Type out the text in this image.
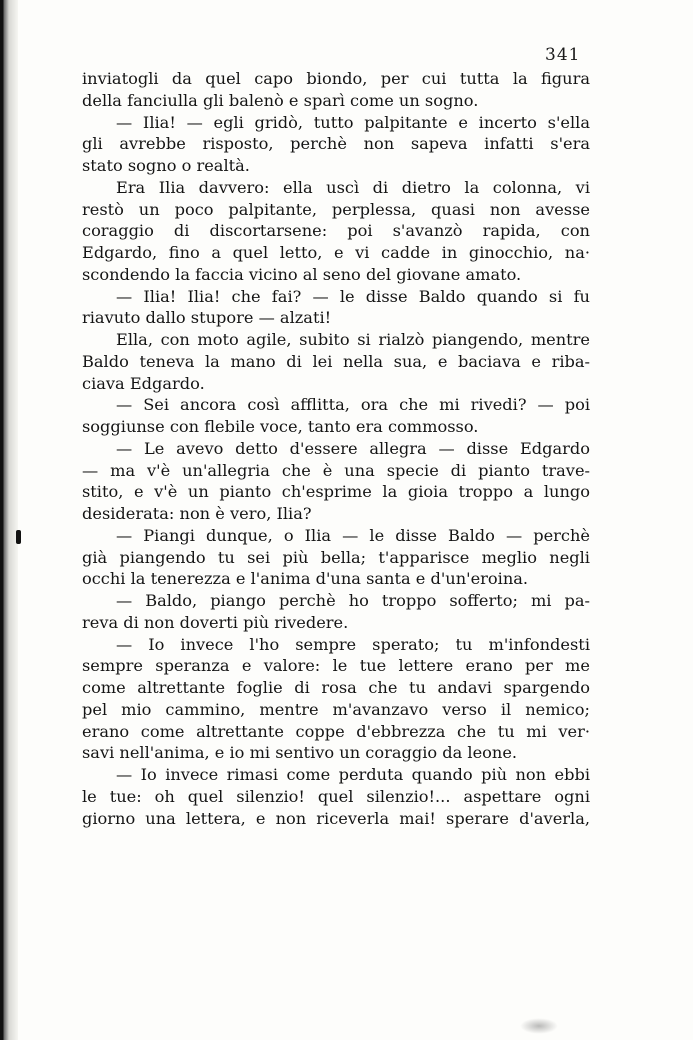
341
inviatogli da quel capo biondo, per cui tutta la figura
della fanciulla gli balenò e sparì come un sogno.
— Ilia! — egli gridò, tutto palpitante e incerto s'ella
gli avrebbe risposto, perchè non sapeva infatti s'era
stato sogno o realtà.
Era Ilia davvero: ella uscì di dietro la colonna, vi
restò un poco palpitante, perplessa, quasi non avesse
coraggio di discortarsene: poi s'avanzò rapida, con
Edgardo, fino a quel letto, e vi cadde in ginocchio, na·
scondendo la faccia vicino al seno del giovane amato.
— Ilia! Ilia! che fai? — le disse Baldo quando si fu
riavuto dallo stupore — alzati!
Ella, con moto agile, subito si rialzò piangendo, mentre
Baldo teneva la mano di lei nella sua, e baciava e riba-
ciava Edgardo.
— Sei ancora così afflitta, ora che mi rivedi? — poi
soggiunse con flebile voce, tanto era commosso.
— Le avevo detto d'essere allegra — disse Edgardo
— ma v'è un'allegria che è una specie di pianto trave-
stito, e v'è un pianto ch'esprime la gioia troppo a lungo
desiderata: non è vero, Ilia?
— Piangi dunque, o Ilia — le disse Baldo — perchè
già piangendo tu sei più bella; t'apparisce meglio negli
occhi la tenerezza e l'anima d'una santa e d'un'eroina.
— Baldo, piango perchè ho troppo sofferto; mi pa-
reva di non doverti più rivedere.
— Io invece l'ho sempre sperato; tu m'infondesti
sempre speranza e valore: le tue lettere erano per me
come altrettante foglie di rosa che tu andavi spargendo
pel mio cammino, mentre m'avanzavo verso il nemico;
erano come altrettante coppe d'ebbrezza che tu mi ver·
savi nell'anima, e io mi sentivo un coraggio da leone.
— Io invece rimasi come perduta quando più non ebbi
le tue: oh quel silenzio! quel silenzio!... aspettare ogni
giorno una lettera, e non riceverla mai! sperare d'averla,
